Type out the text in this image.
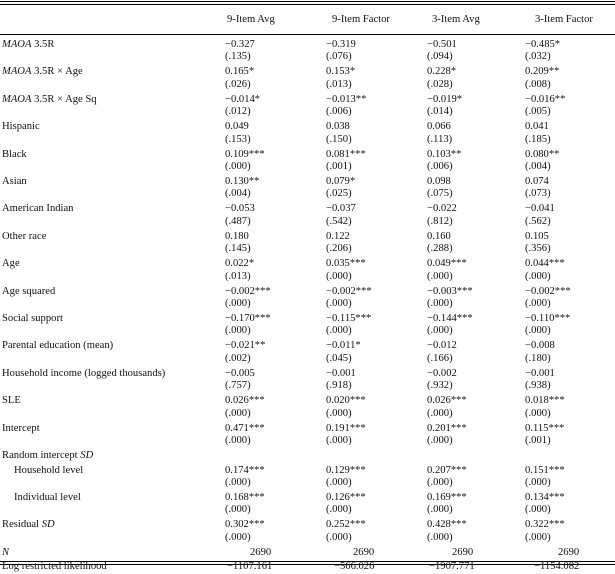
	9-Item Avg	9-Item Factor	3-Item Avg	3-Item Factor
MAOA 3.5R	−0.327	−0.319	−0.501	−0.485*
	(.135)	(.076)	(.094)	(.032)
MAOA 3.5R × Age	0.165*	0.153*	0.228*	0.209**
	(.026)	(.013)	(.028)	(.008)
MAOA 3.5R × Age Sq	−0.014*	−0.013**	−0.019*	−0.016**
	(.012)	(.006)	(.014)	(.005)
Hispanic	0.049	0.038	0.066	0.041
	(.153)	(.150)	(.113)	(.185)
Black	0.109***	0.081***	0.103**	0.080**
	(.000)	(.001)	(.006)	(.004)
Asian	0.130**	0.079*	0.098	0.074
	(.004)	(.025)	(.075)	(.073)
American Indian	−0.053	−0.037	−0.022	−0.041
	(.487)	(.542)	(.812)	(.562)
Other race	0.180	0.122	0.160	0.105
	(.145)	(.206)	(.288)	(.356)
Age	0.022*	0.035***	0.049***	0.044***
	(.013)	(.000)	(.000)	(.000)
Age squared	−0.002***	−0.002***	−0.003***	−0.002***
	(.000)	(.000)	(.000)	(.000)
Social support	−0.170***	−0.115***	−0.144***	−0.110***
	(.000)	(.000)	(.000)	(.000)
Parental education (mean)	−0.021**	−0.011*	−0.012	−0.008
	(.002)	(.045)	(.166)	(.180)
Household income (logged thousands)	−0.005	−0.001	−0.002	−0.001
	(.757)	(.918)	(.932)	(.938)
SLE	0.026***	0.020***	0.026***	0.018***
	(.000)	(.000)	(.000)	(.000)
Intercept	0.471***	0.191***	0.201***	0.115***
	(.000)	(.000)	(.000)	(.001)
Random intercept SD				
Household level	0.174***	0.129***	0.207***	0.151***
	(.000)	(.000)	(.000)	(.000)
Individual level	0.168***	0.126***	0.169***	0.134***
	(.000)	(.000)	(.000)	(.000)
Residual SD	0.302***	0.252***	0.428***	0.322***
	(.000)	(.000)	(.000)	(.000)
N	2690	2690	2690	2690
Log restricted likelihood	−1107.161	−566.026	−1907.771	−1154.082
